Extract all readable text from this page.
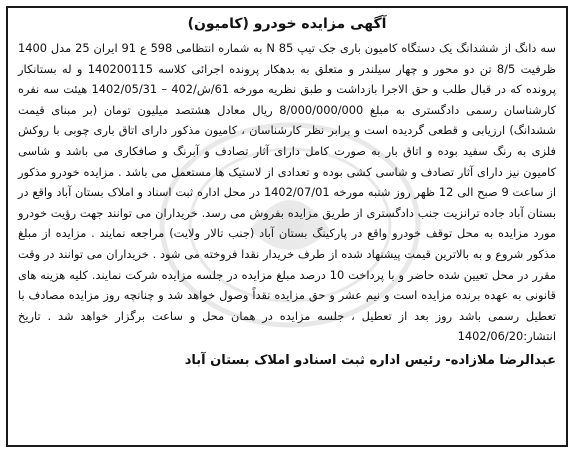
آگهی مزایده خودرو (کامیون)

سه دانگ از ششدانگ یک دستگاه کامیون باری جک تیپ N 85 به شماره انتظامی 598 ع 91 ایران 25 مدل 1400 ظرفیت 8/5 تن دو محور و چهار سیلندر و متعلق به بدهکار پرونده اجرائی کلاسه 140200115 و له بستانکار پرونده که در قبال طلب و حق الاجرا بازداشت و طبق نظریه مورخه 61/ش/402 – 1402/05/31 هیئت سه نفره کارشناسان رسمی دادگستری به مبلغ 8/000/000/000 ریال معادل هشتصد میلیون تومان (بر مبنای قیمت ششدانگ) ارزیابی و قطعی گردیده است و برابر نظر کارشناسان ، کامیون مذکور دارای اتاق باری چوبی با روکش فلزی به رنگ سفید بوده و اتاق بار به صورت کامل دارای آثار تصادف و آبرنگ و صافکاری می باشد و شاسی کامیون نیز دارای آثار تصادف و شاسی کشی بوده و تعدادی از لاستیک ها مستعمل می باشد . مزایده خودرو مذکور از ساعت 9 صبح الی 12 ظهر روز شنبه مورخه 1402/07/01 در محل اداره ثبت اسناد و املاک بستان آباد واقع در بستان آباد جاده ترانزیت جنب دادگستری از طریق مزایده بفروش می رسد. خریداران می توانند جهت رؤیت خودرو مورد مزایده به محل توقف خودرو واقع در پارکینگ بستان آباد (جنب تالار ولایت) مراجعه نمایند . مزایده از مبلغ مذکور شروع و به بالاترین قیمت پیشنهاد شده از طرف خریدار نقدا فروخته می شود . خریداران می توانند در وقت مقرر در محل تعیین شده حاضر و با پرداخت 10 درصد مبلغ مزایده در جلسه مزایده شرکت نمایند. کلیه هزینه های قانونی به عهده برنده مزایده است و نیم عشر و حق مزایده نقداً وصول خواهد شد و چنانچه روز مزایده مصادف با تعطیل رسمی باشد روز بعد از تعطیل ، جلسه مزایده در همان محل و ساعت برگزار خواهد شد . تاریخ انتشار:1402/06/20

عبدالرضا ملازاده- رئیس اداره ثبت اسنادو املاک بستان آباد
